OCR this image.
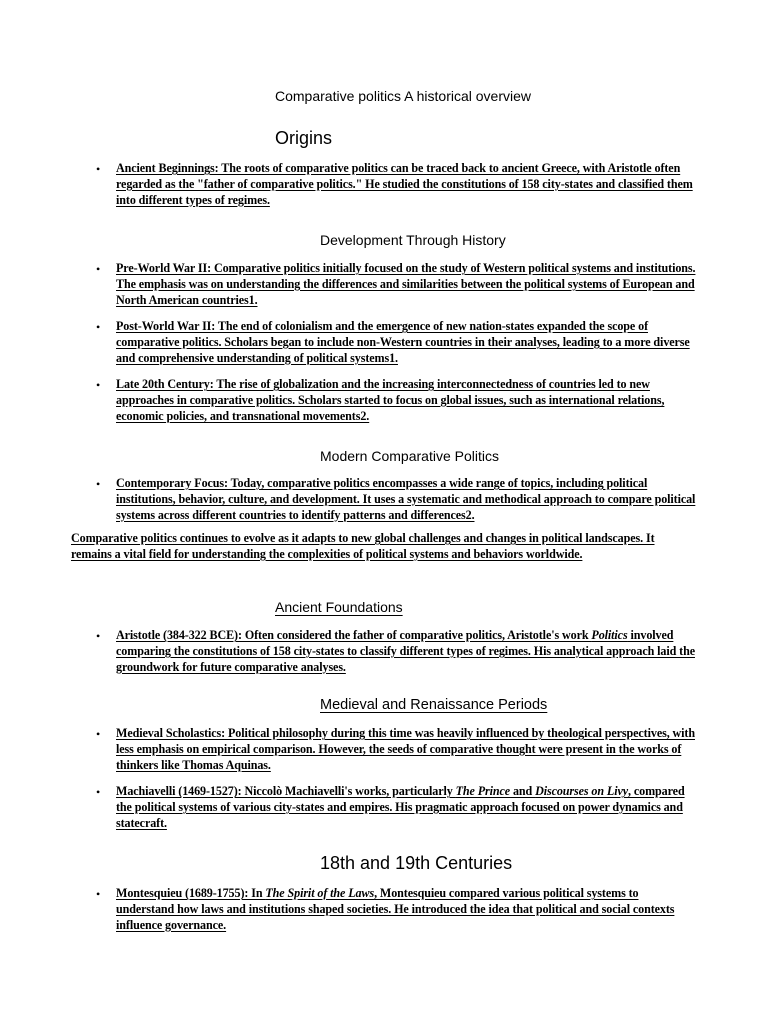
Comparative politics A historical overview
Origins
• Ancient Beginnings: The roots of comparative politics can be traced back to ancient Greece, with Aristotle often regarded as the "father of comparative politics." He studied the constitutions of 158 city-states and classified them into different types of regimes.

Development Through History
• Pre-World War II: Comparative politics initially focused on the study of Western political systems and institutions. The emphasis was on understanding the differences and similarities between the political systems of European and North American countries1.

• Post-World War II: The end of colonialism and the emergence of new nation-states expanded the scope of comparative politics. Scholars began to include non-Western countries in their analyses, leading to a more diverse and comprehensive understanding of political systems1.

• Late 20th Century: The rise of globalization and the increasing interconnectedness of countries led to new approaches in comparative politics. Scholars started to focus on global issues, such as international relations, economic policies, and transnational movements2.

Modern Comparative Politics
• Contemporary Focus: Today, comparative politics encompasses a wide range of topics, including political institutions, behavior, culture, and development. It uses a systematic and methodical approach to compare political systems across different countries to identify patterns and differences2.

Comparative politics continues to evolve as it adapts to new global challenges and changes in political landscapes. It remains a vital field for understanding the complexities of political systems and behaviors worldwide.

Ancient Foundations
• Aristotle (384-322 BCE): Often considered the father of comparative politics, Aristotle's work Politics involved comparing the constitutions of 158 city-states to classify different types of regimes. His analytical approach laid the groundwork for future comparative analyses.

Medieval and Renaissance Periods
• Medieval Scholastics: Political philosophy during this time was heavily influenced by theological perspectives, with less emphasis on empirical comparison. However, the seeds of comparative thought were present in the works of thinkers like Thomas Aquinas.

• Machiavelli (1469-1527): Niccolò Machiavelli's works, particularly The Prince and Discourses on Livy, compared the political systems of various city-states and empires. His pragmatic approach focused on power dynamics and statecraft.

18th and 19th Centuries
• Montesquieu (1689-1755): In The Spirit of the Laws, Montesquieu compared various political systems to understand how laws and institutions shaped societies. He introduced the idea that political and social contexts influence governance.
